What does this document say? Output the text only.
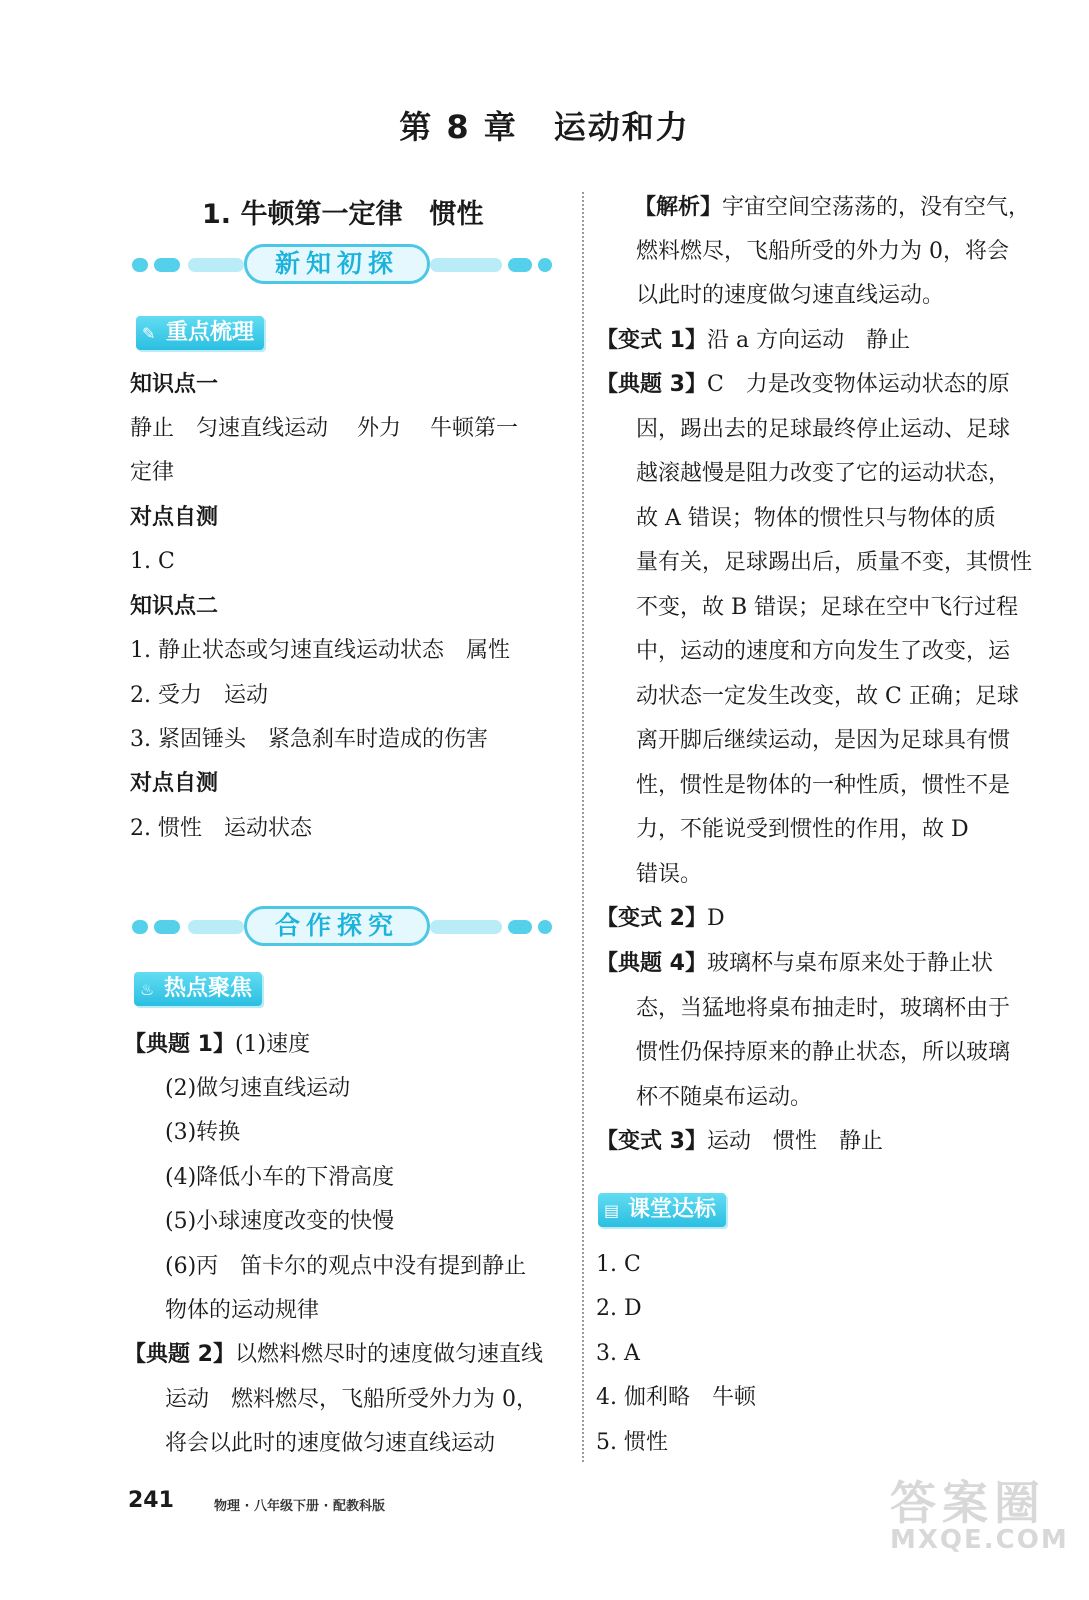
第 8 章 运动和力
1. 牛顿第一定律　惯性
新知初探
✎ 重点梳理
知识点一
静止　匀速直线运动　 外力　 牛顿第一
定律
对点自测
1. C
知识点二
1. 静止状态或匀速直线运动状态　属性
2. 受力　运动
3. 紧固锤头　紧急刹车时造成的伤害
对点自测
2. 惯性　运动状态
合作探究
♨ 热点聚焦
【典题 1】(1)速度
(2)做匀速直线运动
(3)转换
(4)降低小车的下滑高度
(5)小球速度改变的快慢
(6)丙　笛卡尔的观点中没有提到静止
物体的运动规律
【典题 2】以燃料燃尽时的速度做匀速直线
运动　燃料燃尽，飞船所受外力为 0，
将会以此时的速度做匀速直线运动
【解析】宇宙空间空荡荡的，没有空气，
燃料燃尽，飞船所受的外力为 0，将会
以此时的速度做匀速直线运动。
【变式 1】沿 a 方向运动　静止
【典题 3】C　力是改变物体运动状态的原
因，踢出去的足球最终停止运动、足球
越滚越慢是阻力改变了它的运动状态，
故 A 错误；物体的惯性只与物体的质
量有关，足球踢出后，质量不变，其惯性
不变，故 B 错误；足球在空中飞行过程
中，运动的速度和方向发生了改变，运
动状态一定发生改变，故 C 正确；足球
离开脚后继续运动，是因为足球具有惯
性，惯性是物体的一种性质，惯性不是
力，不能说受到惯性的作用，故 D
错误。
【变式 2】D
【典题 4】玻璃杯与桌布原来处于静止状
态，当猛地将桌布抽走时，玻璃杯由于
惯性仍保持原来的静止状态，所以玻璃
杯不随桌布运动。
【变式 3】运动　惯性　静止
▤ 课堂达标
1. C
2. D
3. A
4. 伽利略　牛顿
5. 惯性
241	物理 · 八年级下册 · 配教科版	答案圈
MXQE.COM
